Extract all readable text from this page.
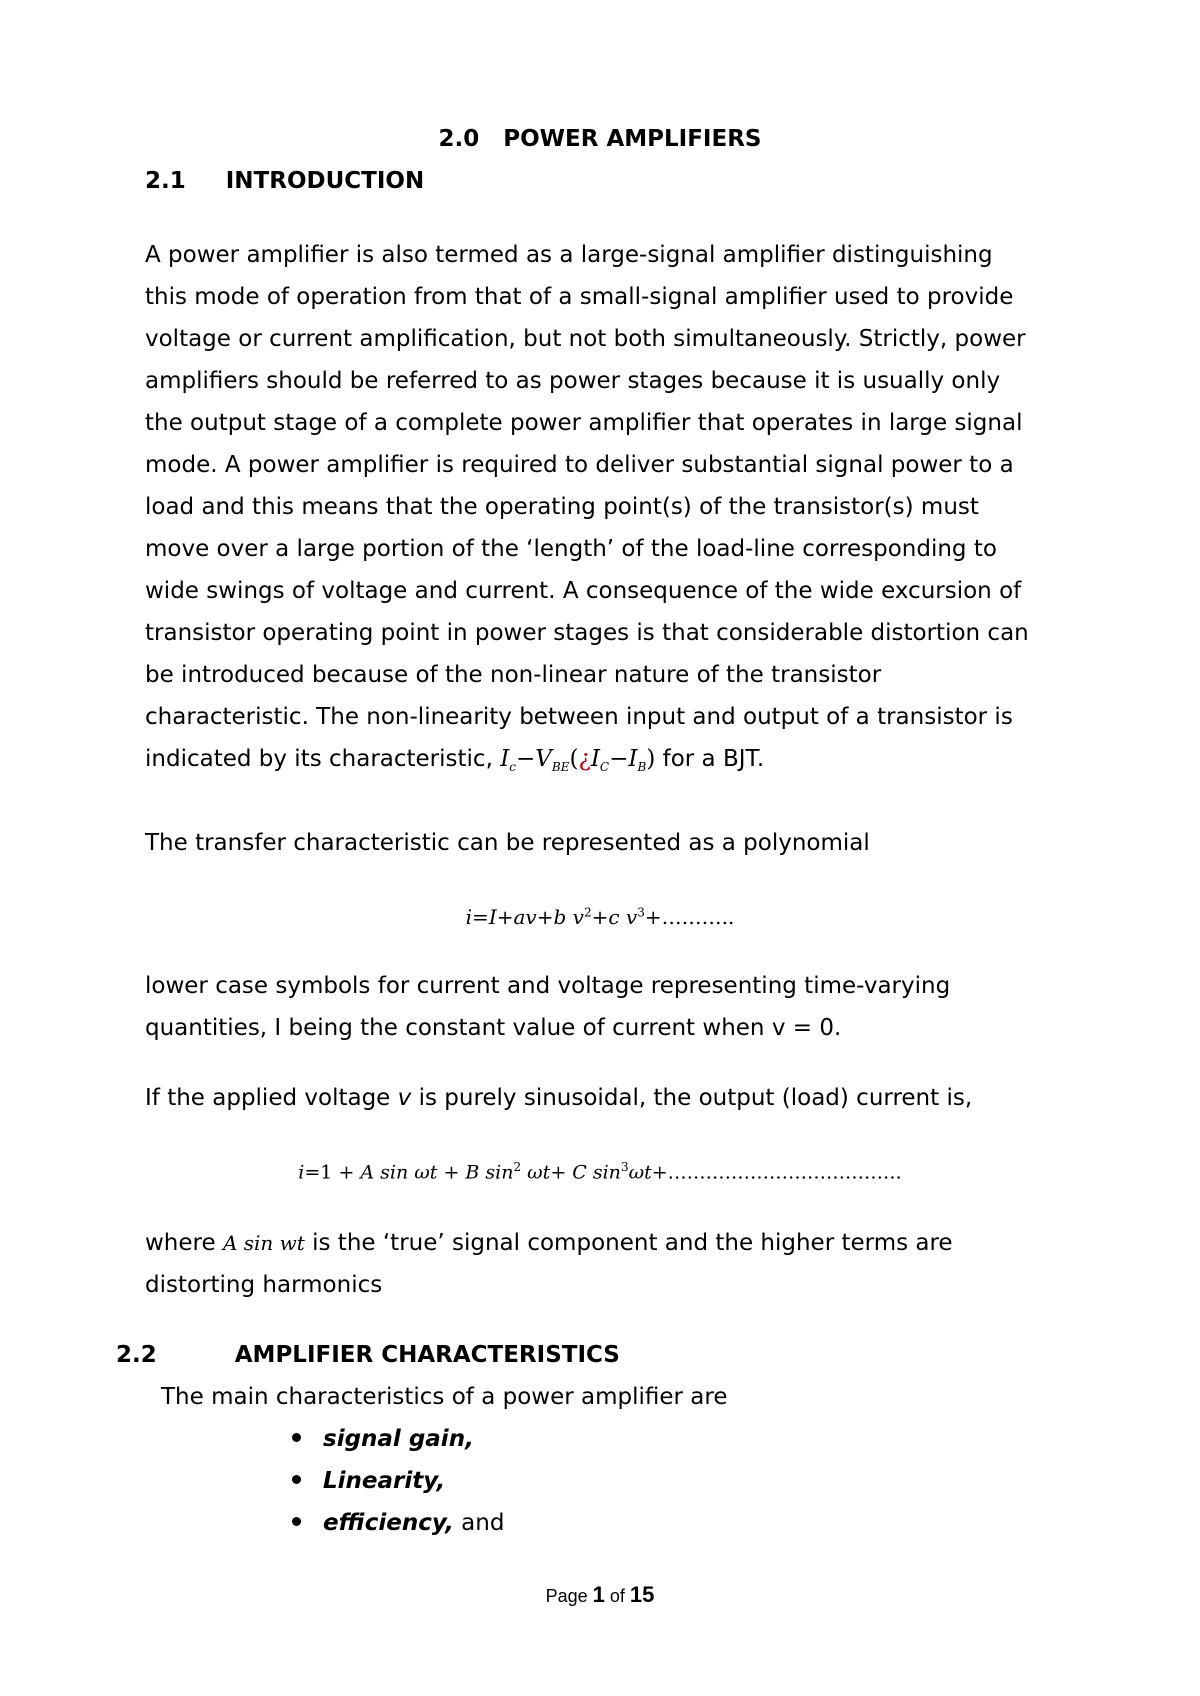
2.0 POWER AMPLIFIERS
2.1 INTRODUCTION
A power amplifier is also termed as a large-signal amplifier distinguishing
this mode of operation from that of a small-signal amplifier used to provide
voltage or current amplification, but not both simultaneously. Strictly, power
amplifiers should be referred to as power stages because it is usually only
the output stage of a complete power amplifier that operates in large signal
mode. A power amplifier is required to deliver substantial signal power to a
load and this means that the operating point(s) of the transistor(s) must
move over a large portion of the ‘length’ of the load-line corresponding to
wide swings of voltage and current. A consequence of the wide excursion of
transistor operating point in power stages is that considerable distortion can
be introduced because of the non-linear nature of the transistor
characteristic. The non-linearity between input and output of a transistor is
indicated by its characteristic, $I_c-V_{BE}(¿I_C-I_B)$ for a BJT.
The transfer characteristic can be represented as a polynomial
i=I+av+b $v^2+c$ $v^3+\dots\dots\dots$..
lower case symbols for current and voltage representing time-varying
quantities, I being the constant value of current when v = 0.
If the applied voltage v is purely sinusoidal, the output (load) current is,
i=1 + A sin ωt + B $\sin^2 \omega t+ C$ $\sin^3\omega t+\dots\dots\dots\dots\dots\dots\dots\dots\dots\dots\dots\dots$.
where A sin wt is the ‘true’ signal component and the higher terms are
distorting harmonics
2.2	AMPLIFIER CHARACTERISTICS
The main characteristics of a power amplifier are
signal gain,
Linearity,
efficiency, and
Page 1 of 15
